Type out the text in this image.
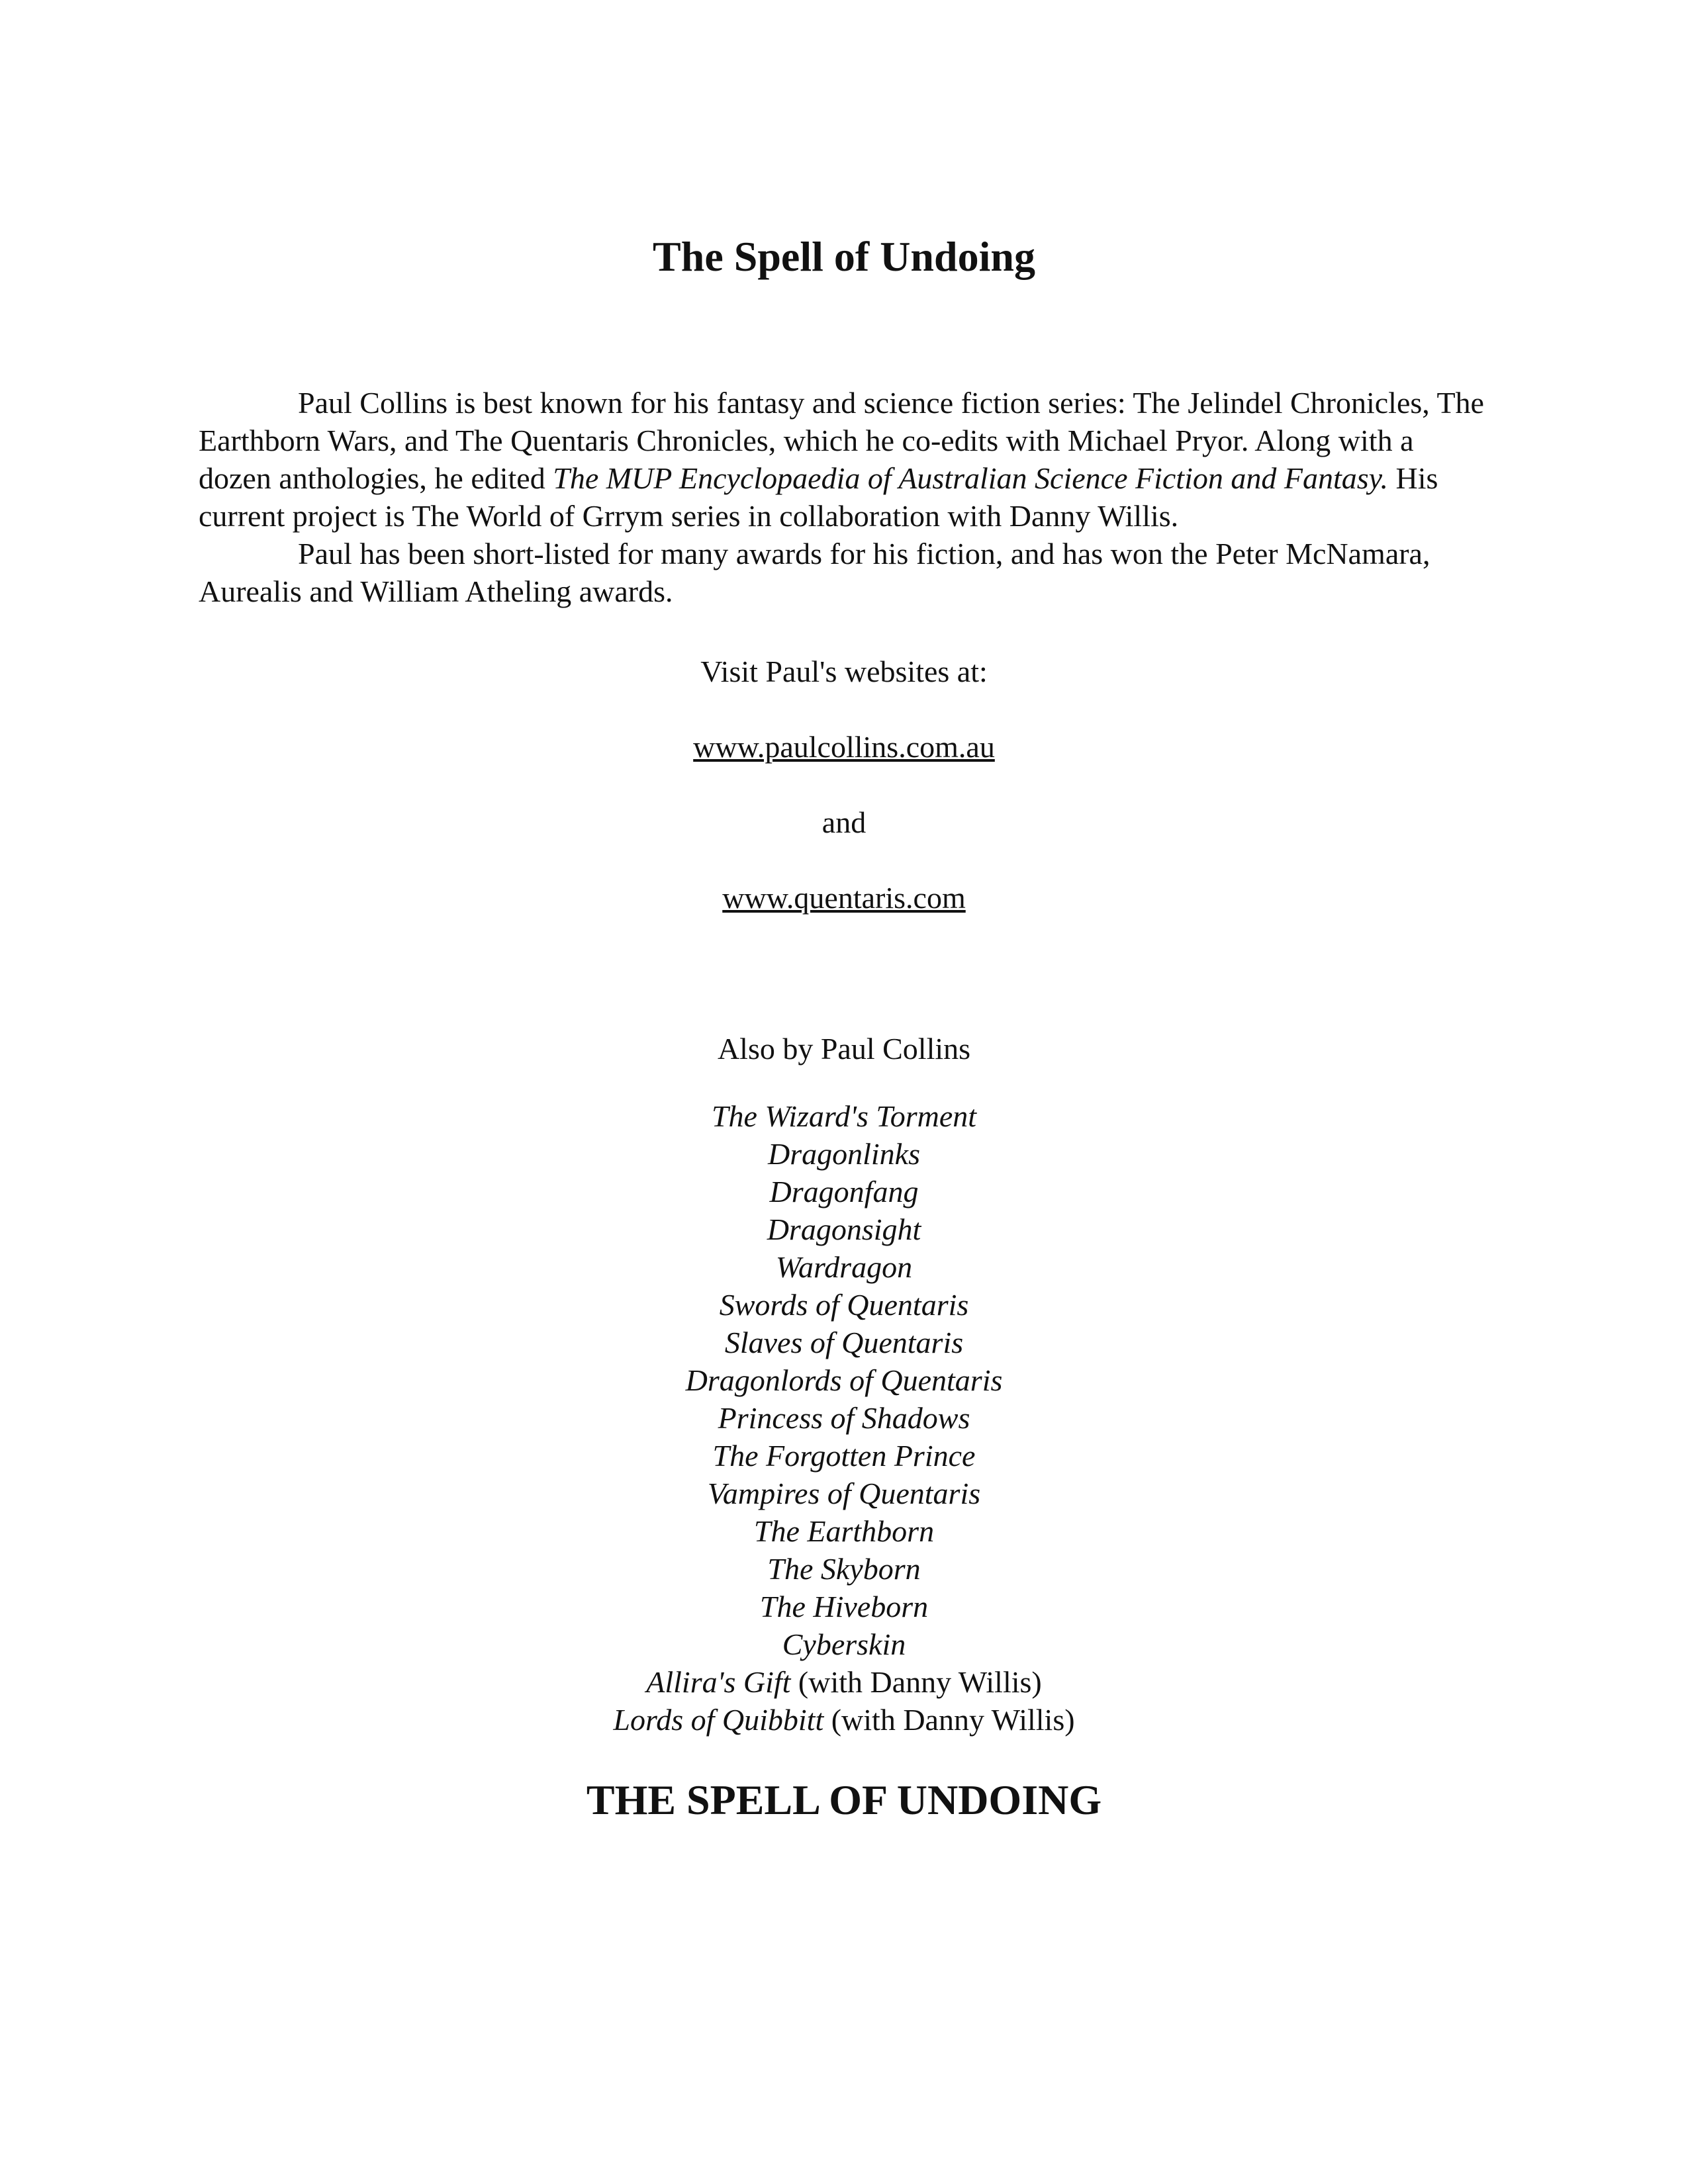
The Spell of Undoing

Paul Collins is best known for his fantasy and science fiction series: The Jelindel Chronicles, The Earthborn Wars, and The Quentaris Chronicles, which he co-edits with Michael Pryor. Along with a dozen anthologies, he edited The MUP Encyclopaedia of Australian Science Fiction and Fantasy. His current project is The World of Grrym series in collaboration with Danny Willis.

Paul has been short-listed for many awards for his fiction, and has won the Peter McNamara, Aurealis and William Atheling awards.

Visit Paul's websites at:

www.paulcollins.com.au

and

www.quentaris.com

Also by Paul Collins

The Wizard's Torment
Dragonlinks
Dragonfang
Dragonsight
Wardragon
Swords of Quentaris
Slaves of Quentaris
Dragonlords of Quentaris
Princess of Shadows
The Forgotten Prince
Vampires of Quentaris
The Earthborn
The Skyborn
The Hiveborn
Cyberskin
Allira's Gift (with Danny Willis)
Lords of Quibbitt (with Danny Willis)
THE SPELL OF UNDOING
